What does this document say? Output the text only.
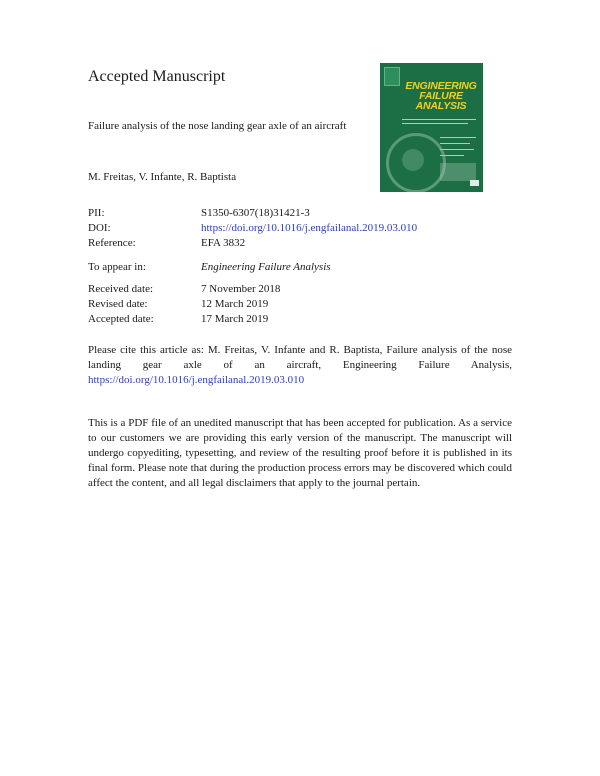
Accepted Manuscript
ENGINEERING FAILURE ANALYSIS
Failure analysis of the nose landing gear axle of an aircraft
M. Freitas, V. Infante, R. Baptista
PII:	S1350-6307(18)31421-3
DOI:	https://doi.org/10.1016/j.engfailanal.2019.03.010
Reference:	EFA 3832
To appear in:	Engineering Failure Analysis
Received date:	7 November 2018
Revised date:	12 March 2019
Accepted date:	17 March 2019

Please cite this article as: M. Freitas, V. Infante and R. Baptista, Failure analysis of the nose landing gear axle of an aircraft, Engineering Failure Analysis, https://doi.org/10.1016/j.engfailanal.2019.03.010

This is a PDF file of an unedited manuscript that has been accepted for publication. As a service to our customers we are providing this early version of the manuscript. The manuscript will undergo copyediting, typesetting, and review of the resulting proof before it is published in its final form. Please note that during the production process errors may be discovered which could affect the content, and all legal disclaimers that apply to the journal pertain.
